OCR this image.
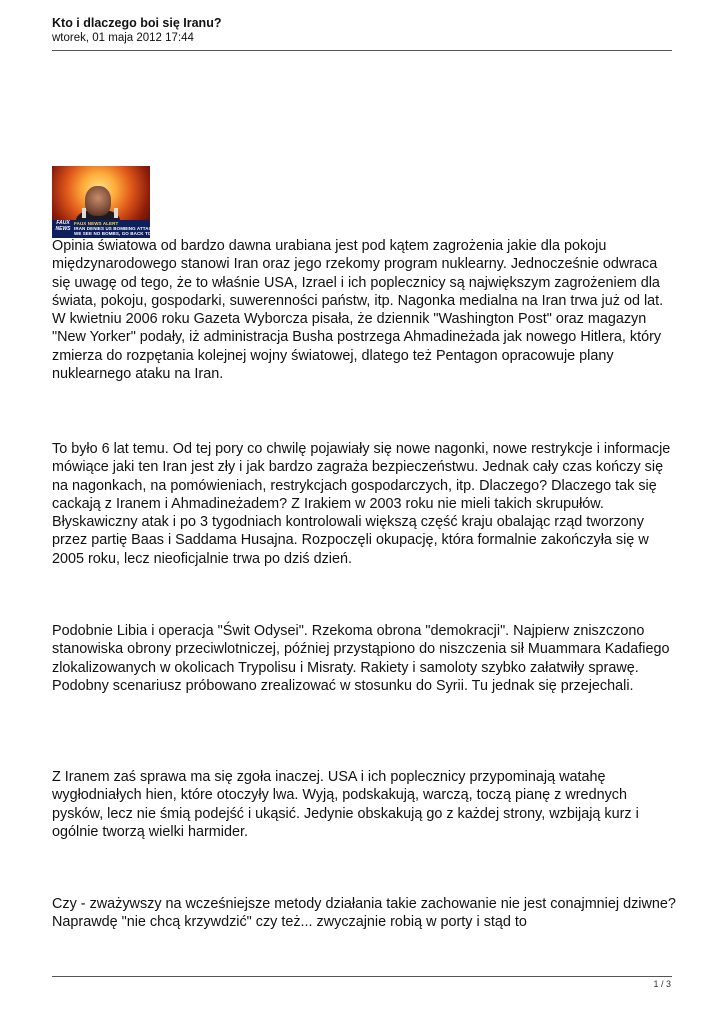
Kto i dlaczego boi się Iranu?
wtorek, 01 maja 2012 17:44
FAUX NEWS
FAUX NEWS ALERT
IRAN DENIES US BOMBING ATTACK
WE SEE NO BOMBS, GO BACK TO SLEEP

Opinia światowa od bardzo dawna urabiana jest pod kątem zagrożenia jakie dla pokoju międzynarodowego stanowi Iran oraz jego rzekomy program nuklearny. Jednocześnie odwraca się uwagę od tego, że to właśnie USA, Izrael i ich poplecznicy są największym zagrożeniem dla świata, pokoju, gospodarki, suwerenności państw, itp. Nagonka medialna na Iran trwa już od lat. W kwietniu 2006 roku Gazeta Wyborcza pisała, że dziennik "Washington Post" oraz magazyn "New Yorker" podały, iż administracja Busha postrzega Ahmadineżada jak nowego Hitlera, który zmierza do rozpętania kolejnej wojny światowej, dlatego też Pentagon opracowuje plany nuklearnego ataku na Iran.

To było 6 lat temu. Od tej pory co chwilę pojawiały się nowe nagonki, nowe restrykcje i informacje mówiące jaki ten Iran jest zły i jak bardzo zagraża bezpieczeństwu. Jednak cały czas kończy się na nagonkach, na pomówieniach, restrykcjach gospodarczych, itp. Dlaczego? Dlaczego tak się cackają z Iranem i Ahmadineżadem? Z Irakiem w 2003 roku nie mieli takich skrupułów. Błyskawiczny atak i po 3 tygodniach kontrolowali większą część kraju obalając rząd tworzony przez partię Baas i Saddama Husajna. Rozpoczęli okupację, która formalnie zakończyła się w 2005 roku, lecz nieoficjalnie trwa po dziś dzień.

Podobnie Libia i operacja "Świt Odysei". Rzekoma obrona "demokracji". Najpierw zniszczono stanowiska obrony przeciwlotniczej, później przystąpiono do niszczenia sił Muammara Kadafiego zlokalizowanych w okolicach Trypolisu i Misraty. Rakiety i samoloty szybko załatwiły sprawę. Podobny scenariusz próbowano zrealizować w stosunku do Syrii. Tu jednak się przejechali.

Z Iranem zaś sprawa ma się zgoła inaczej. USA i ich poplecznicy przypominają watahę wygłodniałych hien, które otoczyły lwa. Wyją, podskakują, warczą, toczą pianę z wrednych pysków, lecz nie śmią podejść i ukąsić. Jedynie obskakują go z każdej strony, wzbijają kurz i ogólnie tworzą wielki harmider.

Czy - zważywszy na wcześniejsze metody działania takie zachowanie nie jest conajmniej dziwne? Naprawdę "nie chcą krzywdzić" czy też... zwyczajnie robią w porty i stąd to

1 / 3
